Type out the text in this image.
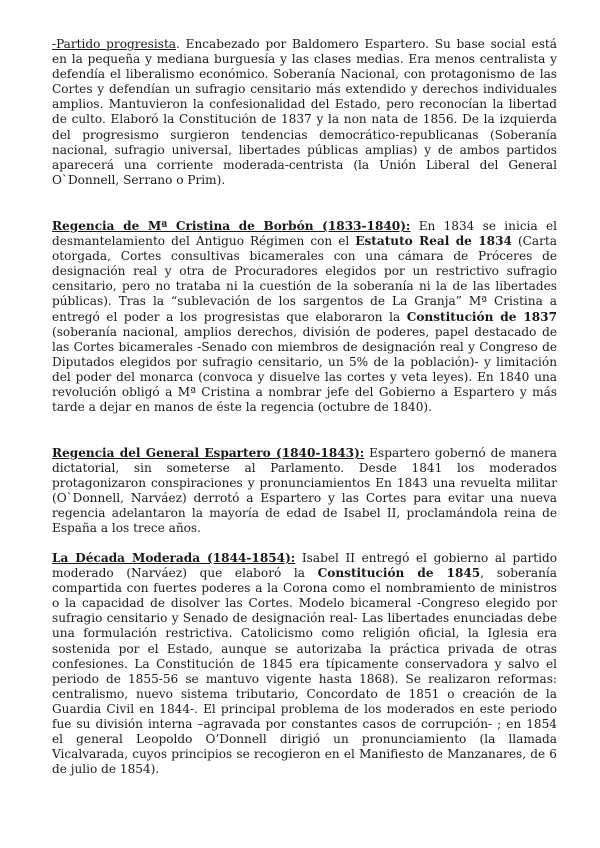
-Partido progresista. Encabezado por Baldomero Espartero. Su base social está en la pequeña y mediana burguesía y las clases medias. Era menos centralista y defendía el liberalismo económico. Soberanía Nacional, con protagonismo de las Cortes y defendían un sufragio censitario más extendido y derechos individuales amplios. Mantuvieron la confesionalidad del Estado, pero reconocían la libertad de culto. Elaboró la Constitución de 1837 y la non nata de 1856. De la izquierda del progresismo surgieron tendencias democrático-republicanas (Soberanía nacional, sufragio universal, libertades públicas amplias) y de ambos partidos aparecerá una corriente moderada-centrista (la Unión Liberal del General O`Donnell, Serrano o Prim).

Regencia de Mª Cristina de Borbón (1833-1840): En 1834 se inicia el desmantelamiento del Antiguo Régimen con el Estatuto Real de 1834 (Carta otorgada, Cortes consultivas bicamerales con una cámara de Próceres de designación real y otra de Procuradores elegidos por un restrictivo sufragio censitario, pero no trataba ni la cuestión de la soberanía ni la de las libertades públicas). Tras la “sublevación de los sargentos de La Granja” Mª Cristina a entregó el poder a los progresistas que elaboraron la Constitución de 1837 (soberanía nacional, amplios derechos, división de poderes, papel destacado de las Cortes bicamerales -Senado con miembros de designación real y Congreso de Diputados elegidos por sufragio censitario, un 5% de la población)- y limitación del poder del monarca (convoca y disuelve las cortes y veta leyes). En 1840 una revolución obligó a Mª Cristina a nombrar jefe del Gobierno a Espartero y más tarde a dejar en manos de éste la regencia (octubre de 1840).

Regencia del General Espartero (1840-1843): Espartero gobernó de manera dictatorial, sin someterse al Parlamento. Desde 1841 los moderados protagonizaron conspiraciones y pronunciamientos En 1843 una revuelta militar (O`Donnell, Narváez) derrotó a Espartero y las Cortes para evitar una nueva regencia adelantaron la mayoría de edad de Isabel II, proclamándola reina de España a los trece años.

La Década Moderada (1844-1854): Isabel II entregó el gobierno al partido moderado (Narváez) que elaboró la Constitución de 1845, soberanía compartida con fuertes poderes a la Corona como el nombramiento de ministros o la capacidad de disolver las Cortes. Modelo bicameral -Congreso elegido por sufragio censitario y Senado de designación real- Las libertades enunciadas debe una formulación restrictiva. Catolicismo como religión oficial, la Iglesia era sostenida por el Estado, aunque se autorizaba la práctica privada de otras confesiones. La Constitución de 1845 era típicamente conservadora y salvo el periodo de 1855-56 se mantuvo vigente hasta 1868). Se realizaron reformas: centralismo, nuevo sistema tributario, Concordato de 1851 o creación de la Guardia Civil en 1844-. El principal problema de los moderados en este periodo fue su división interna –agravada por constantes casos de corrupción- ; en 1854 el general Leopoldo O’Donnell dirigió un pronunciamiento (la llamada Vicalvarada, cuyos principios se recogieron en el Manifiesto de Manzanares, de 6 de julio de 1854).
